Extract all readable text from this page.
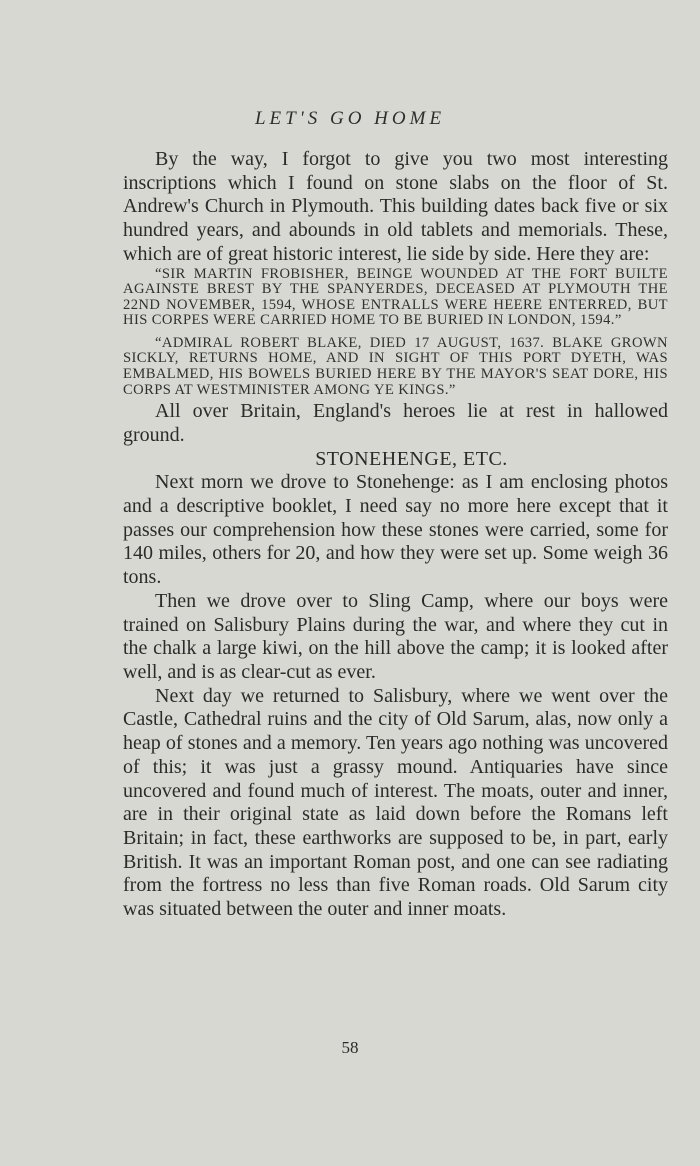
LET'S GO HOME

By the way, I forgot to give you two most interesting inscriptions which I found on stone slabs on the floor of St. Andrew's Church in Plymouth. This building dates back five or six hundred years, and abounds in old tablets and memorials. These, which are of great historic interest, lie side by side. Here they are:

“SIR MARTIN FROBISHER, BEINGE WOUNDED AT THE FORT BUILTE AGAINSTE BREST BY THE SPANYERDES, DECEASED AT PLYMOUTH THE 22ND NOVEMBER, 1594, WHOSE ENTRALLS WERE HEERE ENTERRED, BUT HIS CORPES WERE CARRIED HOME TO BE BURIED IN LONDON, 1594.”

“ADMIRAL ROBERT BLAKE, DIED 17 AUGUST, 1637. BLAKE GROWN SICKLY, RETURNS HOME, AND IN SIGHT OF THIS PORT DYETH, WAS EMBALMED, HIS BOWELS BURIED HERE BY THE MAYOR'S SEAT DORE, HIS CORPS AT WESTMINISTER AMONG YE KINGS.”

All over Britain, England's heroes lie at rest in hallowed ground.

STONEHENGE, ETC.

Next morn we drove to Stonehenge: as I am enclosing photos and a descriptive booklet, I need say no more here except that it passes our comprehension how these stones were carried, some for 140 miles, others for 20, and how they were set up. Some weigh 36 tons.

Then we drove over to Sling Camp, where our boys were trained on Salisbury Plains during the war, and where they cut in the chalk a large kiwi, on the hill above the camp; it is looked after well, and is as clear-cut as ever.

Next day we returned to Salisbury, where we went over the Castle, Cathedral ruins and the city of Old Sarum, alas, now only a heap of stones and a memory. Ten years ago nothing was uncovered of this; it was just a grassy mound. Antiquaries have since uncovered and found much of interest. The moats, outer and inner, are in their original state as laid down before the Romans left Britain; in fact, these earthworks are supposed to be, in part, early British. It was an important Roman post, and one can see radiating from the fortress no less than five Roman roads. Old Sarum city was situated between the outer and inner moats.

58
